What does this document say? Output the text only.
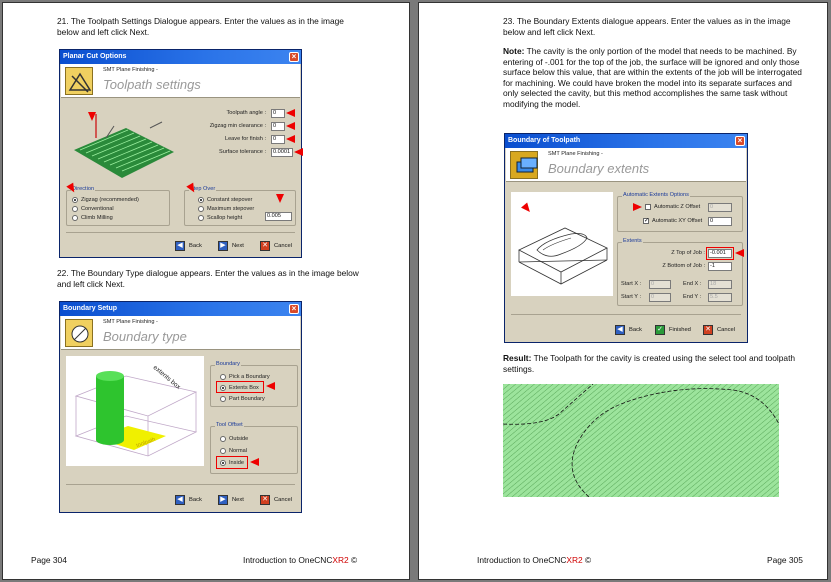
21. The Toolpath Settings Dialogue appears. Enter the values as in the image below and left click Next.
Planar Cut Options	×
SMT Plane Finishing -
Toolpath settings
Toolpath angle :	0
Zigzag min clearance :	0
Leave for finish :	0
Surface tolerance :	0.0001
Direction
Zigzag (recommended)
Conventional
Climb Milling
Step Over
Constant stepover
Maximum stepover
Scallop height	0.005
◀	Back	▶	Next	✕	Cancel
22. The Boundary Type dialogue appears. Enter the values as in the image below and left click Next.
Boundary Setup	×
SMT Plane Finishing -
Boundary type
extents box
toolpath
Boundary
Pick a Boundary
Extents Box
Part Boundary
Tool Offset
Outside
Normal
Inside
◀	Back	▶	Next	✕	Cancel
Page 304	Introduction to OneCNCXR2 ©
23. The Boundary Extents dialogue appears. Enter the values as in the image below and left click Next.
Note: The cavity is the only portion of the model that needs to be machined. By entering of -.001 for the top of the job, the surface will be ignored and only those surface below this value, that are within the extents of the job will be interrogated for machining. We could have broken the model into its separate surfaces and only selected the cavity, but this method accomplishes the same task without modifying the model.
Boundary of Toolpath	×
SMT Plane Finishing -
Boundary extents
Automatic Extents Options
Automatic Z Offset	0
✓ Automatic XY Offset	0
Extents
Z Top of Job : -0.001
Z Bottom of Job : -1
Start X :	0	End X :	18
Start Y :	0	End Y :	5.5
◀	Back ✓	Finished ✕	Cancel
Result: The Toolpath for the cavity is created using the select tool and toolpath settings.
Introduction to OneCNCXR2 ©	Page 305
